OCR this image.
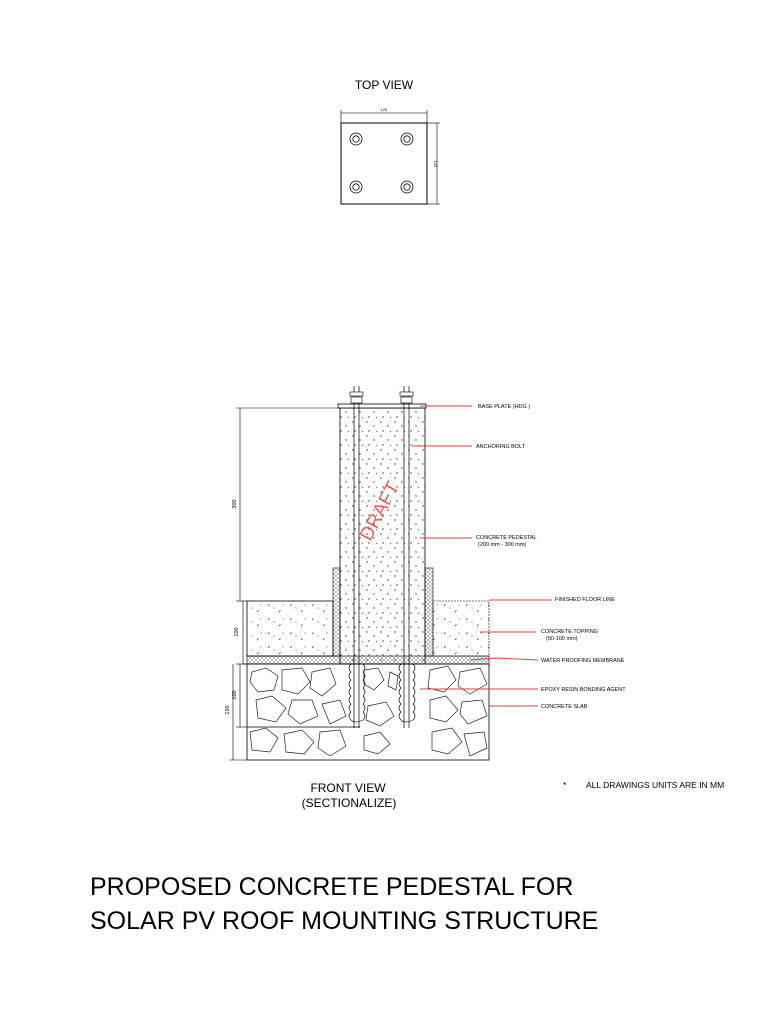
TOP VIEW
125
125
DRAFT
300
100
100
150
BASE PLATE (HDG )
ANCHORING BOLT
CONCRETE PEDESTAL
(200 mm - 300 mm)
FINISHED FLOOR LINE
CONCRETE TOPPING
(50-100 mm)
WATER PROOFING MEMBRANE
EPOXY RESIN BONDING AGENT
CONCRETE SLAB
FRONT VIEW
(SECTIONALIZE)
* ALL DRAWINGS UNITS ARE IN MM
PROPOSED CONCRETE PEDESTAL FOR
SOLAR PV ROOF MOUNTING STRUCTURE
